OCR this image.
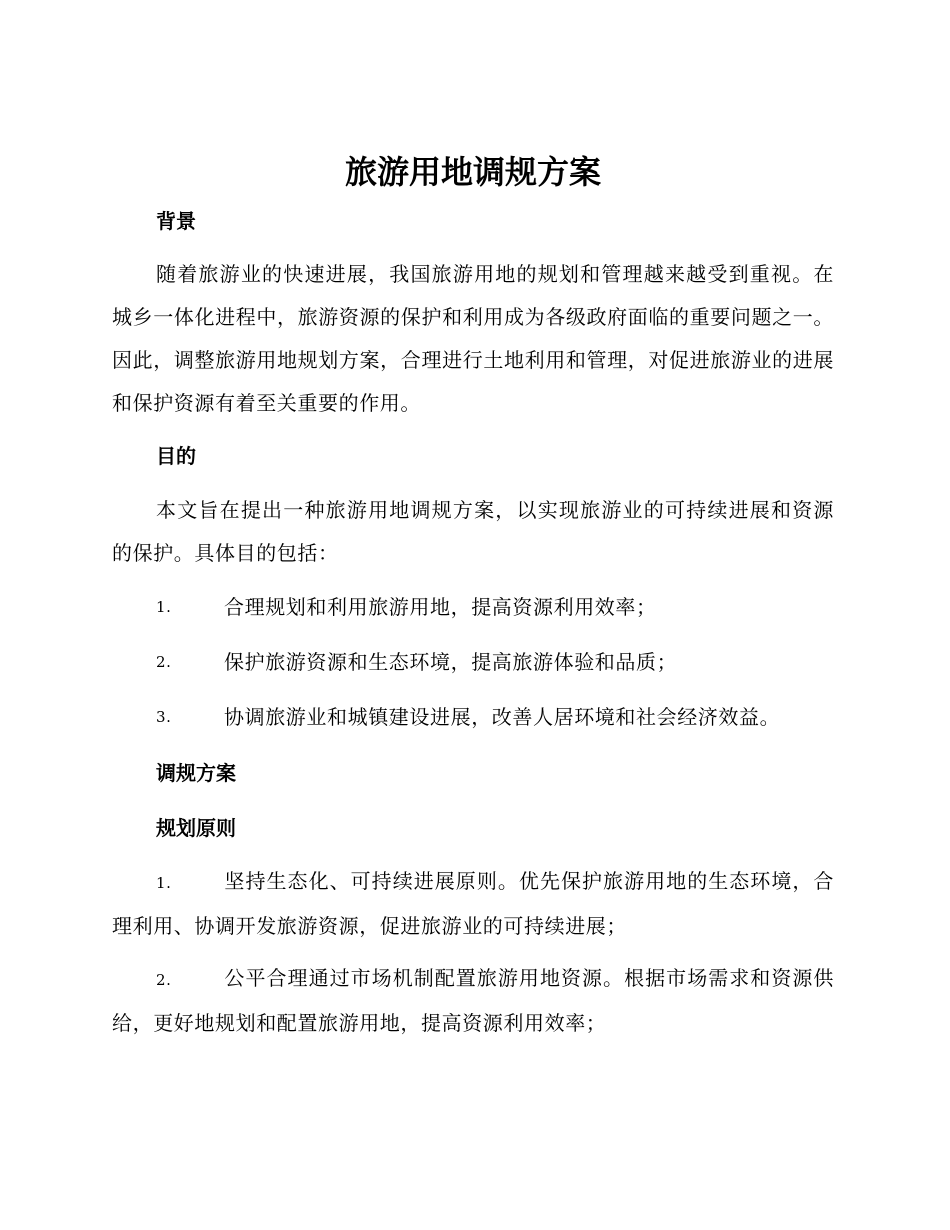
旅游用地调规方案
背景

随着旅游业的快速进展，我国旅游用地的规划和管理越来越受到重视。在城乡一体化进程中，旅游资源的保护和利用成为各级政府面临的重要问题之一。因此，调整旅游用地规划方案，合理进行土地利用和管理，对促进旅游业的进展和保护资源有着至关重要的作用。

目的

本文旨在提出一种旅游用地调规方案，以实现旅游业的可持续进展和资源的保护。具体目的包括：

1.	合理规划和利用旅游用地，提高资源利用效率；
2.	保护旅游资源和生态环境，提高旅游体验和品质；
3.	协调旅游业和城镇建设进展，改善人居环境和社会经济效益。
调规方案
规划原则

1.	坚持生态化、可持续进展原则。优先保护旅游用地的生态环境，合理利用、协调开发旅游资源，促进旅游业的可持续进展；

2.	公平合理通过市场机制配置旅游用地资源。根据市场需求和资源供给，更好地规划和配置旅游用地，提高资源利用效率；
